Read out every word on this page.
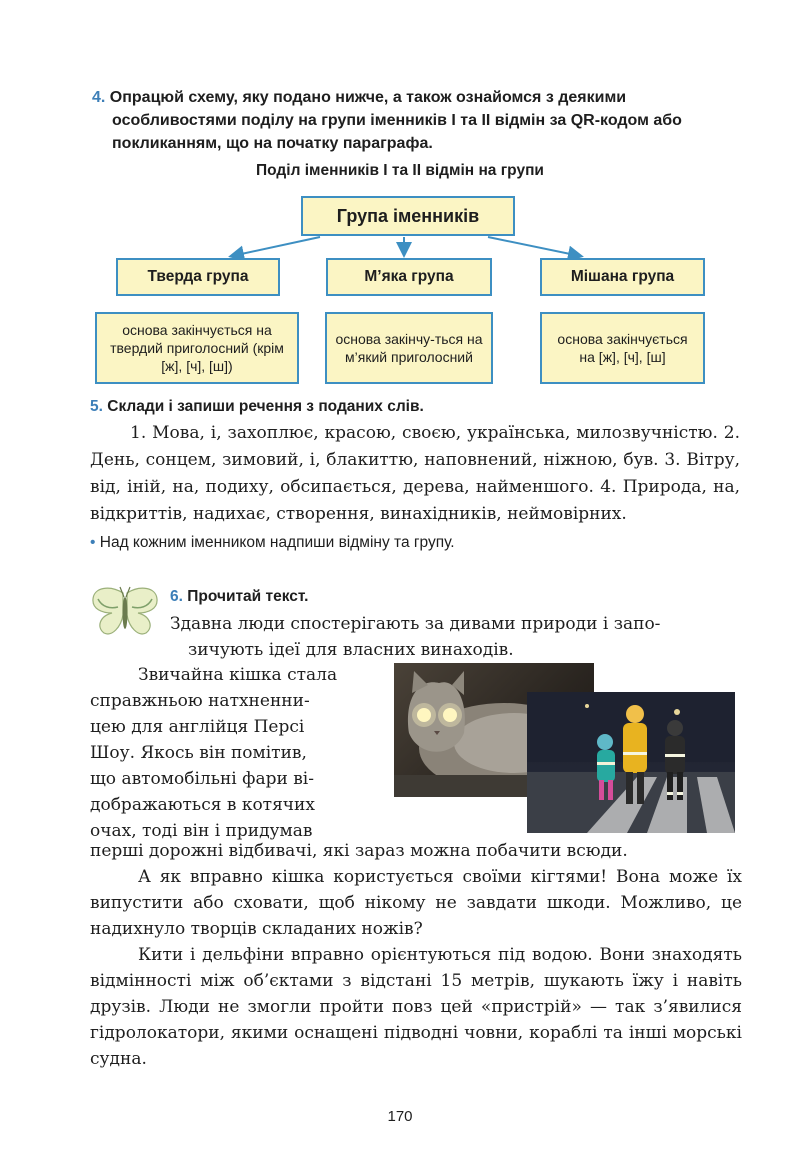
4. Опрацюй схему, яку подано нижче, а також ознайомся з деякими особливостями поділу на групи іменників І та ІІ відмін за QR-кодом або покликанням, що на початку параграфа.
Поділ іменників І та ІІ відмін на групи
Група іменників
Тверда група	М’яка група	Мішана група
основа закінчується на твердий приголосний (крім [ж], [ч], [ш])
основа закінчу-ться на м’який приголосний
основа закінчується на [ж], [ч], [ш]
5. Склади і запиши речення з поданих слів.
1. Мова, і, захоплює, красою, своєю, українська, милозвучністю. 2. День, сонцем, зимовий, і, блакиттю, наповнений, ніжною, був. 3. Вітру, від, іній, на, подиху, обсипається, дерева, найменшого. 4. Природа, на, відкриттів, надихає, створення, винахідників, неймовірних.
• Над кожним іменником надпиши відміну та групу.
6. Прочитай текст.
Здавна люди спостерігають за дивами природи і запо-
зичують ідеї для власних винаходів.
Звичайна кішка стала
справжньою натхненни-
цею для англійця Персі
Шоу. Якось він помітив,
що автомобільні фари ві-
дображаються в котячих
очах, тоді він і придумав

перші дорожні відбивачі, які зараз можна побачити всюди.

А як вправно кішка користується своїми кігтями! Вона може їх випустити або сховати, щоб нікому не завдати шкоди. Можливо, це надихнуло творців складаних ножів?

Кити і дельфіни вправно орієнтуються під водою. Вони знаходять відмінності між об’єктами з відстані 15 метрів, шукають їжу і навіть друзів. Люди не змогли пройти повз цей «пристрій» — так з’явилися гідролокатори, якими оснащені підводні човни, кораблі та інші морські судна.

170
